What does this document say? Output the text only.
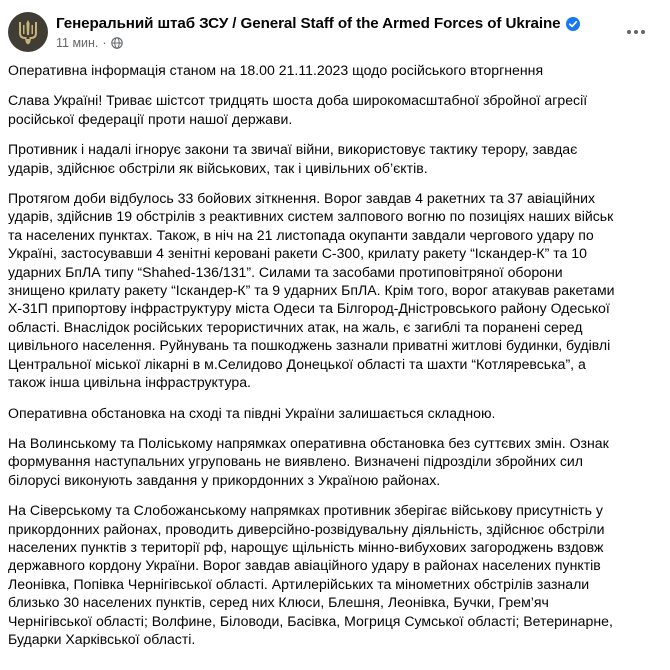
Генеральний штаб ЗСУ / General Staff of the Armed Forces of Ukraine
11 мин. ·

Оперативна інформація станом на 18.00 21.11.2023 щодо російського вторгнення

Слава Україні! Триває шістсот тридцять шоста доба широкомасштабної збройної агресії
російської федерації проти нашої держави.

Противник і надалі ігнорує закони та звичаї війни, використовує тактику терору, завдає
ударів, здійснює обстріли як військових, так і цивільних об’єктів.

Протягом доби відбулось 33 бойових зіткнення. Ворог завдав 4 ракетних та 37 авіаційних
ударів, здійснив 19 обстрілів з реактивних систем залпового вогню по позиціях наших військ
та населених пунктах. Також, в ніч на 21 листопада окупанти завдали чергового удару по
Україні, застосувавши 4 зенітні керовані ракети С-300, крилату ракету “Іскандер-К” та 10
ударних БпЛА типу “Shahed-136/131”. Силами та засобами протиповітряної оборони
знищено крилату ракету “Іскандер-К” та 9 ударних БпЛА. Крім того, ворог атакував ракетами
Х-31П припортову інфраструктуру міста Одеси та Білгород-Дністровського району Одеської
області. Внаслідок російських терористичних атак, на жаль, є загиблі та поранені серед
цивільного населення. Руйнувань та пошкоджень зазнали приватні житлові будинки, будівлі
Центральної міської лікарні в м.Селидово Донецької області та шахти “Котляревська”, а
також інша цивільна інфраструктура.

Оперативна обстановка на сході та півдні України залишається складною.

На Волинському та Поліському напрямках оперативна обстановка без суттєвих змін. Ознак
формування наступальних угруповань не виявлено. Визначені підрозділи збройних сил
білорусі виконують завдання у прикордонних з Україною районах.

На Сіверському та Слобожанському напрямках противник зберігає військову присутність у
прикордонних районах, проводить диверсійно-розвідувальну діяльність, здійснює обстріли
населених пунктів з території рф, нарощує щільність мінно-вибухових загороджень вздовж
державного кордону України. Ворог завдав авіаційного удару в районах населених пунктів
Леонівка, Попівка Чернігівської області. Артилерійських та мінометних обстрілів зазнали
близько 30 населених пунктів, серед них Клюси, Блешня, Леонівка, Бучки, Грем’яч
Чернігівської області; Волфине, Біловоди, Басівка, Могриця Сумської області; Ветеринарне,
Бударки Харківської області.
